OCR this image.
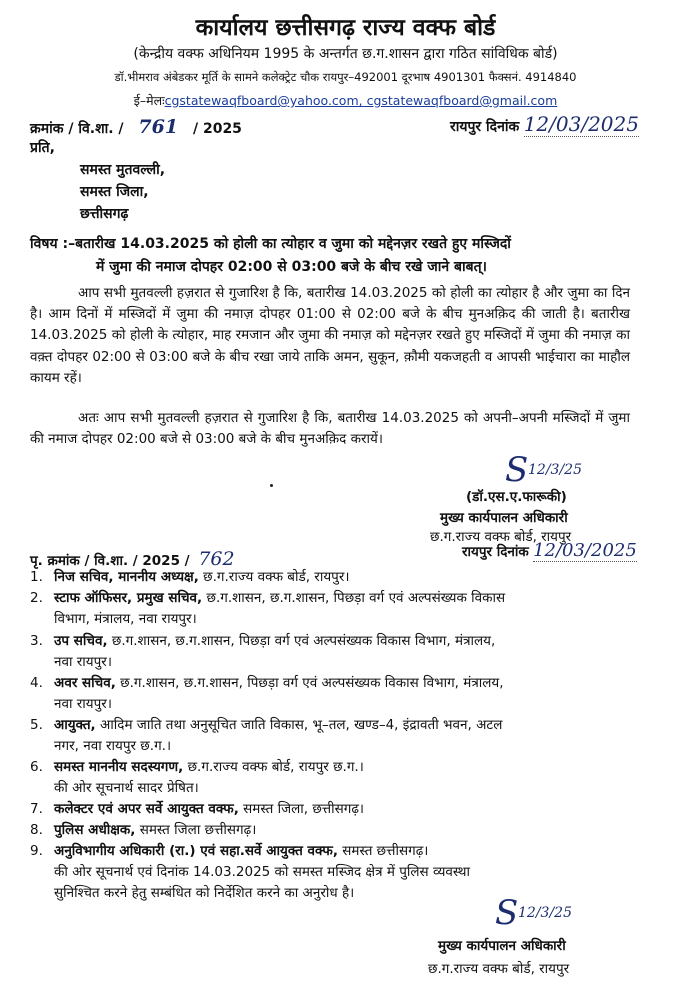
कार्यालय छत्तीसगढ़ राज्य वक्फ बोर्ड
(केन्द्रीय वक्फ अधिनियम 1995 के अन्तर्गत छ.ग.शासन द्वारा गठित सांविधिक बोर्ड)
डॉ.भीमराव अंबेडकर मूर्ति के सामने कलेक्ट्रेट चौक रायपुर–492001 दूरभाष 4901301 फैक्सनं. 4914840
ई–मेलःcgstatewaqfboard@yahoo.com, cgstatewaqfboard@gmail.com
क्रमांक / वि.शा. / 761 / 2025	रायपुर दिनांक 12/03/2025
प्रति,
समस्त मुतवल्ली,
समस्त जिला,
छत्तीसगढ़
विषय :–बतारीख 14.03.2025 को होली का त्योहार व जुमा को मद्देनज़र रखते हुए मस्जिदों
में जुमा की नमाज दोपहर 02:00 से 03:00 बजे के बीच रखे जाने बाबत्।
आप सभी मुतवल्ली हज़रात से गुजारिश है कि, बतारीख 14.03.2025 को होली का त्योहार है और जुमा का दिन है। आम दिनों में मस्जिदों में जुमा की नमाज़ दोपहर 01:00 से 02:00 बजे के बीच मुनअक़िद की जाती है। बतारीख 14.03.2025 को होली के त्योहार, माह रमजान और जुमा की नमाज़ को मद्देनज़र रखते हुए मस्जिदों में जुमा की नमाज़ का वक़्त दोपहर 02:00 से 03:00 बजे के बीच रखा जाये ताकि अमन, सुकून, क़ौमी यकजहती व आपसी भाईचारा का माहौल कायम रहें।
अतः आप सभी मुतवल्ली हज़रात से गुजारिश है कि, बतारीख 14.03.2025 को अपनी–अपनी मस्जिदों में जुमा की नमाज दोपहर 02:00 बजे से 03:00 बजे के बीच मुनअक़िद करायें।
S 12/3/25
(डॉ.एस.ए.फारूकी)
मुख्य कार्यपालन अधिकारी
छ.ग.राज्य वक्फ बोर्ड, रायपुर
रायपुर दिनांक 12/03/2025
पृ. क्रमांक / वि.शा. / 2025 / 762
1. निज सचिव, माननीय अध्यक्ष, छ.ग.राज्य वक्फ बोर्ड, रायपुर।
2. स्टाफ ऑफिसर, प्रमुख सचिव, छ.ग.शासन, छ.ग.शासन, पिछड़ा वर्ग एवं अल्पसंख्यक विकास
विभाग, मंत्रालय, नवा रायपुर।
3. उप सचिव, छ.ग.शासन, छ.ग.शासन, पिछड़ा वर्ग एवं अल्पसंख्यक विकास विभाग, मंत्रालय,
नवा रायपुर।
4. अवर सचिव, छ.ग.शासन, छ.ग.शासन, पिछड़ा वर्ग एवं अल्पसंख्यक विकास विभाग, मंत्रालय,
नवा रायपुर।
5. आयुक्त, आदिम जाति तथा अनुसूचित जाति विकास, भू–तल, खण्ड–4, इंद्रावती भवन, अटल
नगर, नवा रायपुर छ.ग.।
6. समस्त माननीय सदस्यगण, छ.ग.राज्य वक्फ बोर्ड, रायपुर छ.ग.।
की ओर सूचनार्थ सादर प्रेषित।
7. कलेक्टर एवं अपर सर्वे आयुक्त वक्फ, समस्त जिला, छत्तीसगढ़।
8. पुलिस अधीक्षक, समस्त जिला छत्तीसगढ़।
9. अनुविभागीय अधिकारी (रा.) एवं सहा.सर्वे आयुक्त वक्फ, समस्त छत्तीसगढ़।
की ओर सूचनार्थ एवं दिनांक 14.03.2025 को समस्त मस्जिद क्षेत्र में पुलिस व्यवस्था
सुनिश्चित करने हेतु सम्बंधित को निर्देशित करने का अनुरोध है।	S 12/3/25
मुख्य कार्यपालन अधिकारी
छ.ग.राज्य वक्फ बोर्ड, रायपुर
